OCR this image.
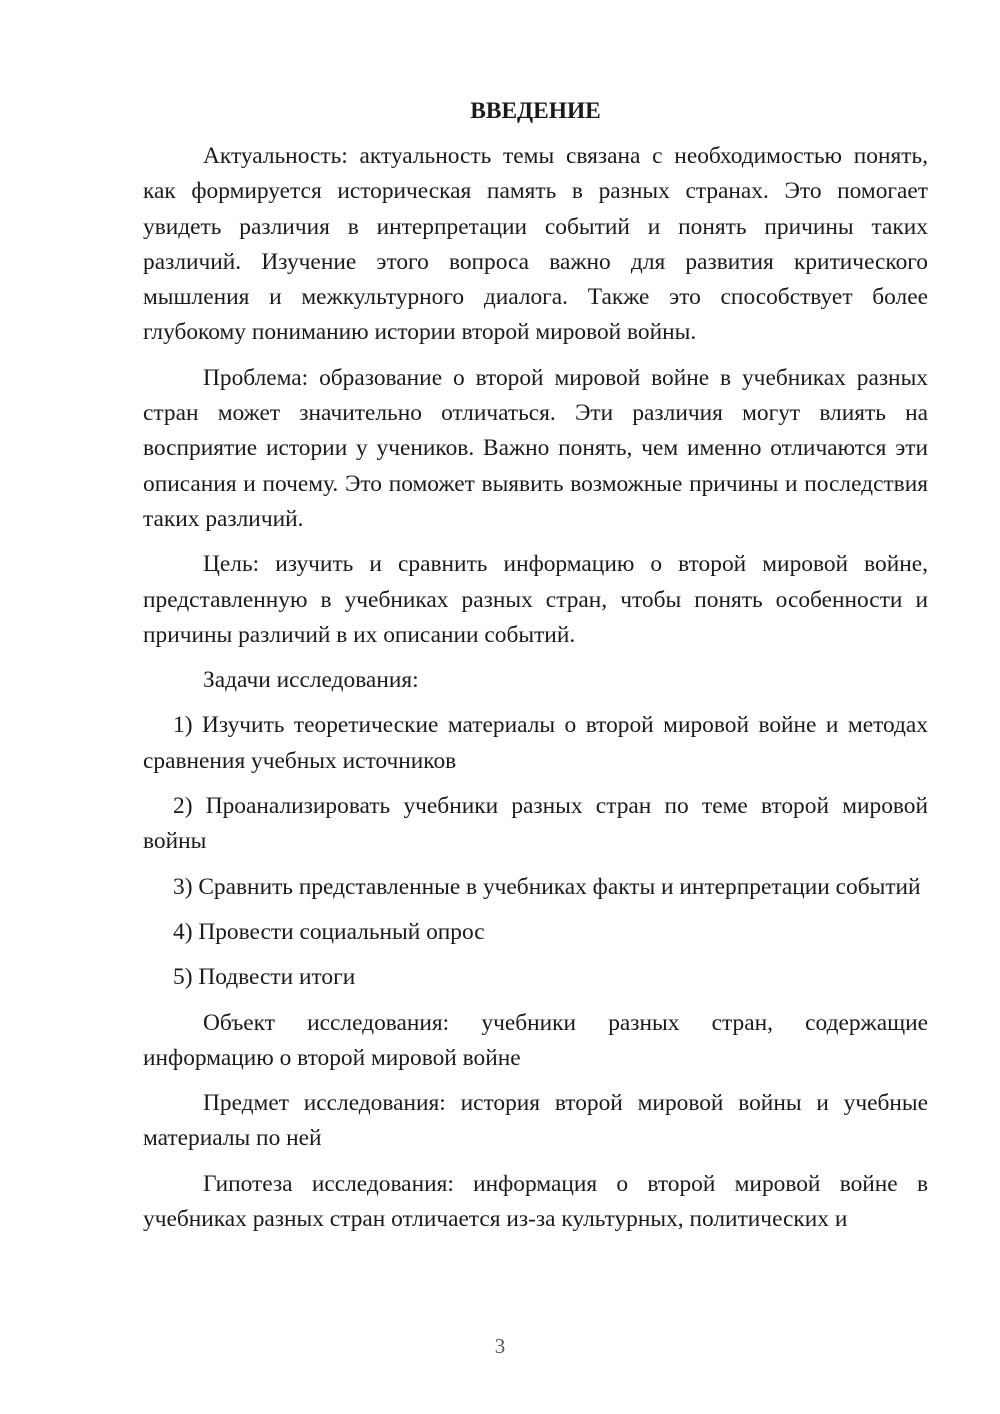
ВВЕДЕНИЕ

Актуальность: актуальность темы связана с необходимостью понять, как формируется историческая память в разных странах. Это помогает увидеть различия в интерпретации событий и понять причины таких различий. Изучение этого вопроса важно для развития критического мышления и межкультурного диалога. Также это способствует более глубокому пониманию истории второй мировой войны.

Проблема: образование о второй мировой войне в учебниках разных стран может значительно отличаться. Эти различия могут влиять на восприятие истории у учеников. Важно понять, чем именно отличаются эти описания и почему. Это поможет выявить возможные причины и последствия таких различий.

Цель: изучить и сравнить информацию о второй мировой войне, представленную в учебниках разных стран, чтобы понять особенности и причины различий в их описании событий.

Задачи исследования:

1) Изучить теоретические материалы о второй мировой войне и методах сравнения учебных источников

2) Проанализировать учебники разных стран по теме второй мировой войны

3) Сравнить представленные в учебниках факты и интерпретации событий

4) Провести социальный опрос

5) Подвести итоги

Объект исследования: учебники разных стран, содержащие информацию о второй мировой войне

Предмет исследования: история второй мировой войны и учебные материалы по ней

Гипотеза исследования: информация о второй мировой войне в учебниках разных стран отличается из-за культурных, политических и

3
